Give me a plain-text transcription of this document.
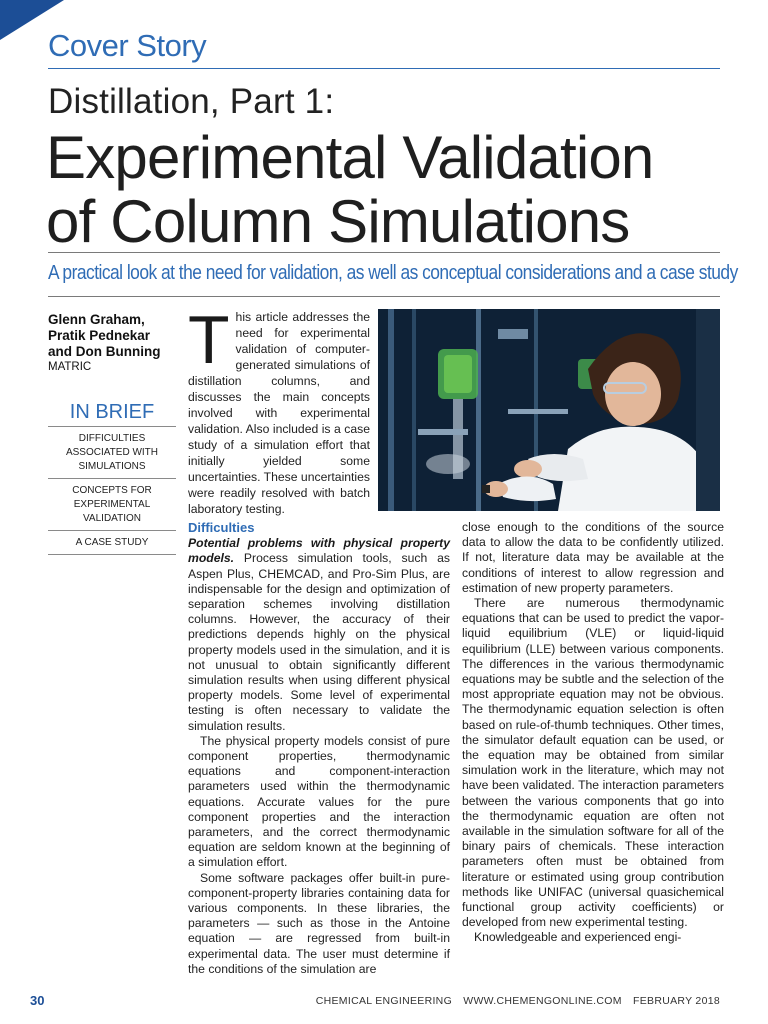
Cover Story
Distillation, Part 1:
Experimental Validation
of Column Simulations
A practical look at the need for validation, as well as conceptual considerations and a case study
Glenn Graham,
Pratik Pednekar
and Don Bunning
MATRIC
IN BRIEF
DIFFICULTIES ASSOCIATED WITH SIMULATIONS
CONCEPTS FOR EXPERIMENTAL VALIDATION
A CASE STUDY
This article addresses the need for experimental validation of computer-generated simulations of distillation columns, and discusses the main concepts involved with experimental validation. Also included is a case study of a simulation effort that initially yielded some uncertainties. These uncertainties were readily resolved with batch laboratory testing.
Difficulties

Potential problems with physical property models. Process simulation tools, such as Aspen Plus, CHEMCAD, and Pro-Sim Plus, are indispensable for the design and optimization of separation schemes involving distillation columns. However, the accuracy of their predictions depends highly on the physical property models used in the simulation, and it is not unusual to obtain significantly different simulation results when using different physical property models. Some level of experimental testing is often necessary to validate the simulation results.

The physical property models consist of pure component properties, thermodynamic equations and component-interaction parameters used within the thermodynamic equations. Accurate values for the pure component properties and the interaction parameters, and the correct thermodynamic equation are seldom known at the beginning of a simulation effort.

Some software packages offer built-in pure-component-property libraries containing data for various components. In these libraries, the parameters — such as those in the Antoine equation — are regressed from built-in experimental data. The user must determine if the conditions of the simulation are

close enough to the conditions of the source data to allow the data to be confidently utilized. If not, literature data may be available at the conditions of interest to allow regression and estimation of new property parameters.

There are numerous thermodynamic equations that can be used to predict the vapor-liquid equilibrium (VLE) or liquid-liquid equilibrium (LLE) between various components. The differences in the various thermodynamic equations may be subtle and the selection of the most appropriate equation may not be obvious. The thermodynamic equation selection is often based on rule-of-thumb techniques. Other times, the simulator default equation can be used, or the equation may be obtained from similar simulation work in the literature, which may not have been validated. The interaction parameters between the various components that go into the thermodynamic equation are often not available in the simulation software for all of the binary pairs of chemicals. These interaction parameters often must be obtained from literature or estimated using group contribution methods like UNIFAC (universal quasichemical functional group activity coefficients) or developed from new experimental testing.

Knowledgeable and experienced engi-

30	CHEMICAL ENGINEERING WWW.CHEMENGONLINE.COM FEBRUARY 2018
